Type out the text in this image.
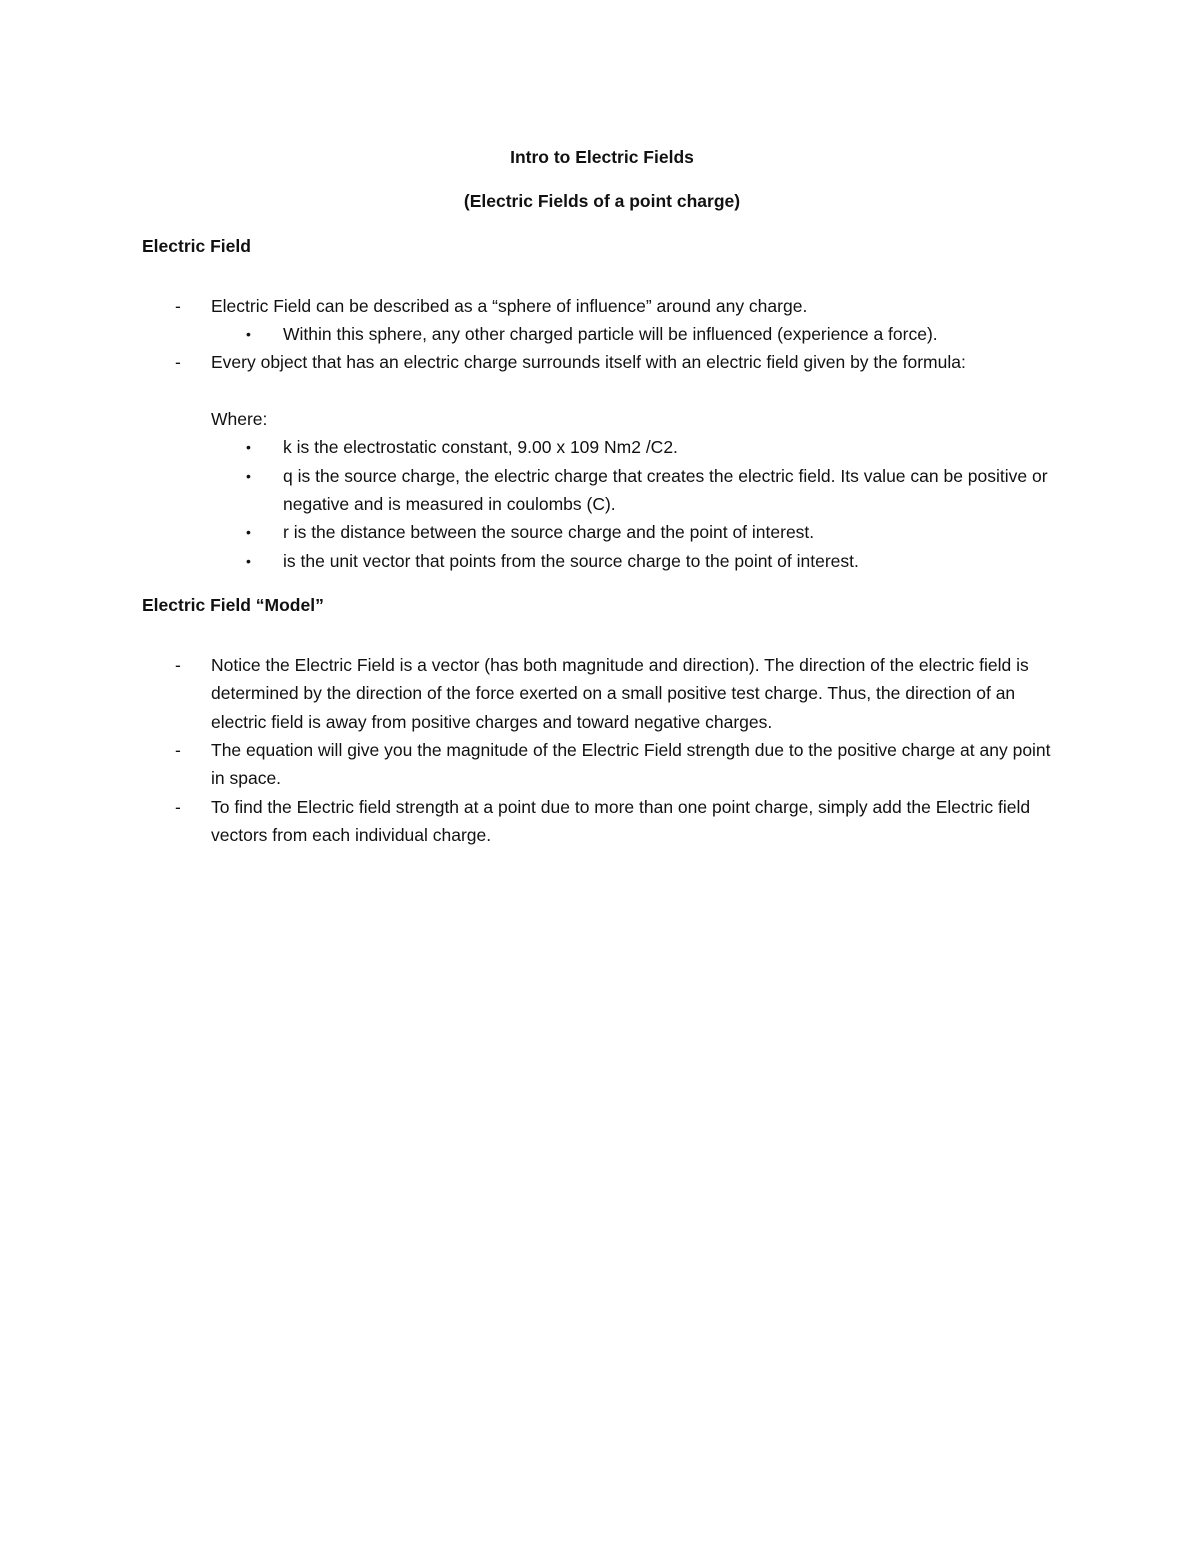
Intro to Electric Fields

(Electric Fields of a point charge)

Electric Field

- Electric Field can be described as a “sphere of influence” around any charge.
• Within this sphere, any other charged particle will be influenced (experience a force).
- Every object that has an electric charge surrounds itself with an electric field given by the formula:

Where:

• k is the electrostatic constant, 9.00 x 109 Nm2 /C2.
• q is the source charge, the electric charge that creates the electric field. Its value can be positive or negative and is measured in coulombs (C).
• r is the distance between the source charge and the point of interest.
• is the unit vector that points from the source charge to the point of interest.

Electric Field “Model”

- Notice the Electric Field is a vector (has both magnitude and direction). The direction of the electric field is determined by the direction of the force exerted on a small positive test charge. Thus, the direction of an electric field is away from positive charges and toward negative charges.
- The equation will give you the magnitude of the Electric Field strength due to the positive charge at any point in space.
- To find the Electric field strength at a point due to more than one point charge, simply add the Electric field vectors from each individual charge.
